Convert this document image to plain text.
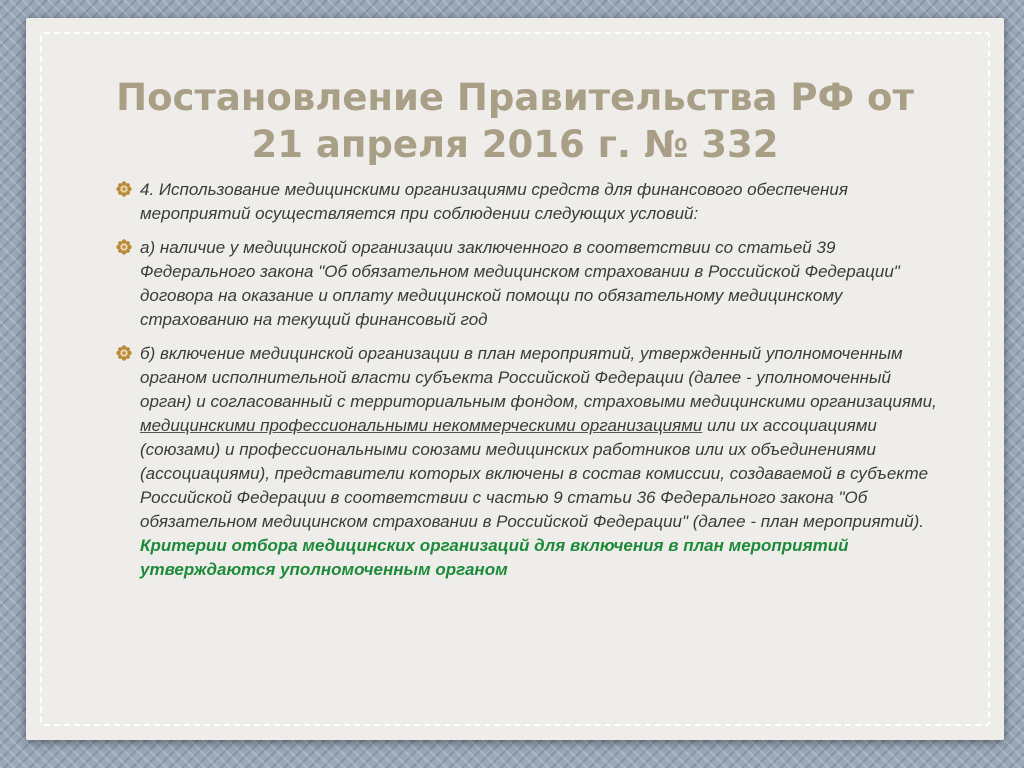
Постановление Правительства РФ от
21 апреля 2016 г. № 332
4. Использование медицинскими организациями средств для финансового обеспечения мероприятий осуществляется при соблюдении следующих условий:
а) наличие у медицинской организации заключенного в соответствии со статьей 39 Федерального закона "Об обязательном медицинском страховании в Российской Федерации" договора на оказание и оплату медицинской помощи по обязательному медицинскому страхованию на текущий финансовый год
б) включение медицинской организации в план мероприятий, утвержденный уполномоченным органом исполнительной власти субъекта Российской Федерации (далее - уполномоченный орган) и согласованный с территориальным фондом, страховыми медицинскими организациями, медицинскими профессиональными некоммерческими организациями или их ассоциациями (союзами) и профессиональными союзами медицинских работников или их объединениями (ассоциациями), представители которых включены в состав комиссии, создаваемой в субъекте Российской Федерации в соответствии с частью 9 статьи 36 Федерального закона "Об обязательном медицинском страховании в Российской Федерации" (далее - план мероприятий). Критерии отбора медицинских организаций для включения в план мероприятий утверждаются уполномоченным органом
